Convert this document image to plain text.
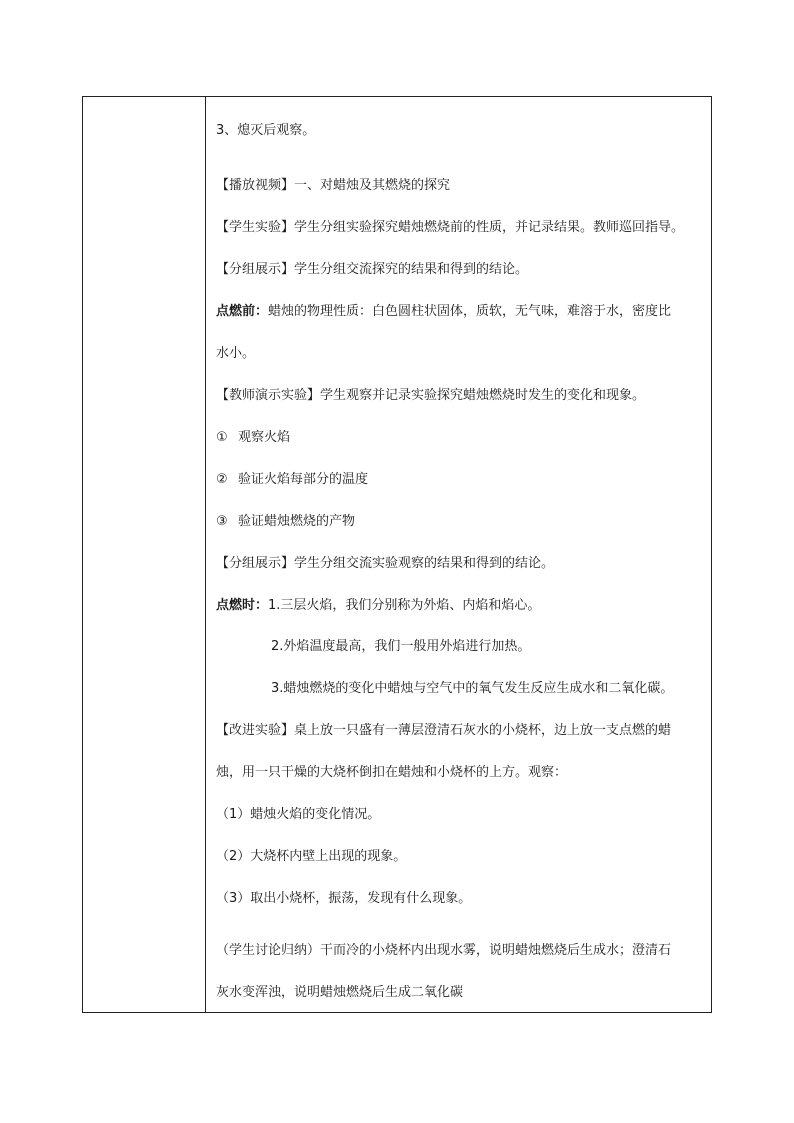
3、熄灭后观察。
【播放视频】一、对蜡烛及其燃烧的探究
【学生实验】学生分组实验探究蜡烛燃烧前的性质，并记录结果。教师巡回指导。
【分组展示】学生分组交流探究的结果和得到的结论。
点燃前：蜡烛的物理性质：白色圆柱状固体，质软，无气味，难溶于水，密度比
水小。
【教师演示实验】学生观察并记录实验探究蜡烛燃烧时发生的变化和现象。
① 观察火焰
② 验证火焰每部分的温度
③ 验证蜡烛燃烧的产物
【分组展示】学生分组交流实验观察的结果和得到的结论。
点燃时：1.三层火焰，我们分别称为外焰、内焰和焰心。
2.外焰温度最高，我们一般用外焰进行加热。
3.蜡烛燃烧的变化中蜡烛与空气中的氧气发生反应生成水和二氧化碳。
【改进实验】桌上放一只盛有一薄层澄清石灰水的小烧杯，边上放一支点燃的蜡
烛，用一只干燥的大烧杯倒扣在蜡烛和小烧杯的上方。观察：
（1）蜡烛火焰的变化情况。
（2）大烧杯内壁上出现的现象。
（3）取出小烧杯，振荡，发现有什么现象。
（学生讨论归纳）干而冷的小烧杯内出现水雾，说明蜡烛燃烧后生成水；澄清石
灰水变浑浊，说明蜡烛燃烧后生成二氧化碳
